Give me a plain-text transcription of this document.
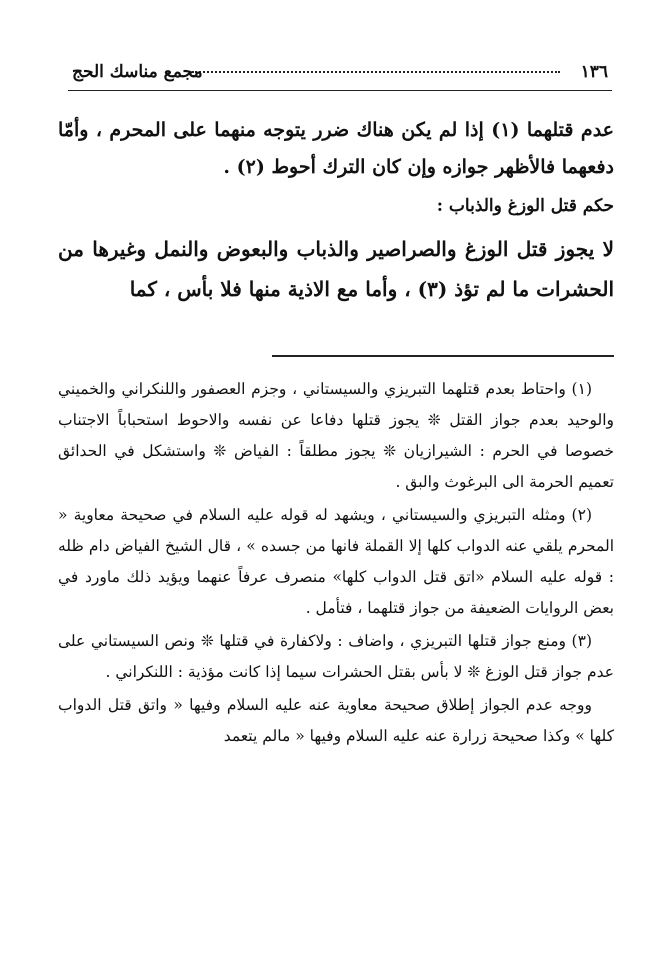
١٣٦
مجمع مناسك الحج

عدم قتلهما (١) إذا لم يكن هناك ضرر يتوجه منهما على المحرم ، وأمّا دفعهما فالأظهر جوازه وإن كان الترك أحوط (٢) .

حكم قتل الوزغ والذباب :

لا يجوز قتل الوزغ والصراصير والذباب والبعوض والنمل وغيرها من الحشرات ما لم تؤذ (٣) ، وأما مع الاذية منها فلا بأس ، كما

(١) واحتاط بعدم قتلهما التبريزي والسيستاني ، وجزم العصفور واللنكراني والخميني والوحيد بعدم جواز القتل ❊ يجوز قتلها دفاعا عن نفسه والاحوط استحباباً الاجتناب خصوصا في الحرم : الشيرازيان ❊ يجوز مطلقاً : الفياض ❊ واستشكل في الحدائق تعميم الحرمة الى البرغوث والبق .

(٢) ومثله التبريزي والسيستاني ، ويشهد له قوله عليه السلام في صحيحة معاوية « المحرم يلقي عنه الدواب كلها إلا القملة فانها من جسده » ، قال الشيخ الفياض دام ظله : قوله عليه السلام «اتق قتل الدواب كلها» منصرف عرفاً عنهما ويؤيد ذلك ماورد في بعض الروايات الضعيفة من جواز قتلهما ، فتأمل .

(٣) ومنع جواز قتلها التبريزي ، واضاف : ولاكفارة في قتلها ❊ ونص السيستاني على عدم جواز قتل الوزغ ❊ لا بأس بقتل الحشرات سيما إذا كانت مؤذية : اللنكراني .

ووجه عدم الجواز إطلاق صحيحة معاوية عنه عليه السلام وفيها « واتق قتل الدواب كلها » وكذا صحيحة زرارة عنه عليه السلام وفيها « مالم يتعمد
